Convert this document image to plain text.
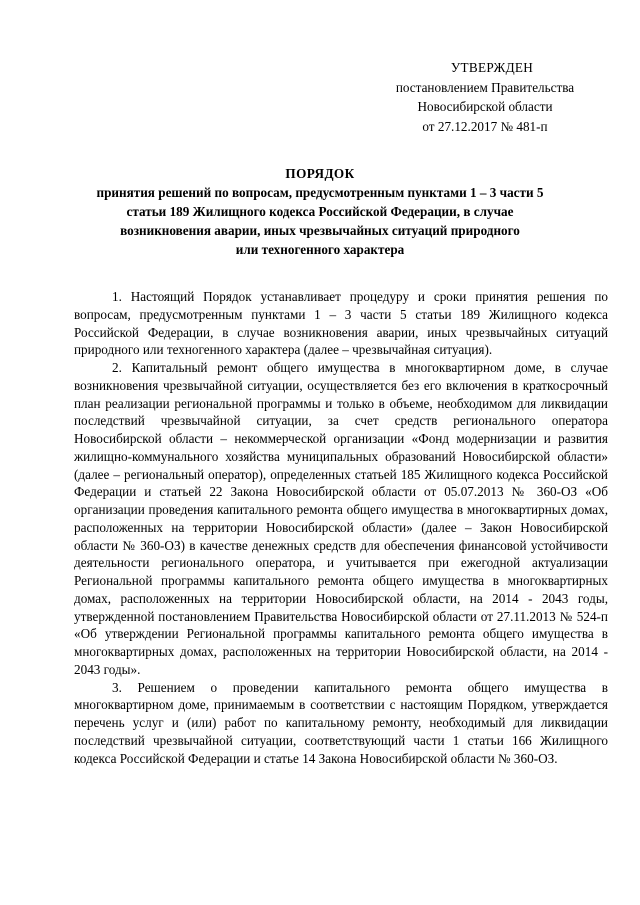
УТВЕРЖДЕН
постановлением Правительства
Новосибирской области
от 27.12.2017 № 481-п
ПОРЯДОК
принятия решений по вопросам, предусмотренным пунктами 1 – 3 части 5
статьи 189 Жилищного кодекса Российской Федерации, в случае
возникновения аварии, иных чрезвычайных ситуаций природного
или техногенного характера

1. Настоящий Порядок устанавливает процедуру и сроки принятия решения по вопросам, предусмотренным пунктами 1 – 3 части 5 статьи 189 Жилищного кодекса Российской Федерации, в случае возникновения аварии, иных чрезвычайных ситуаций природного или техногенного характера (далее – чрезвычайная ситуация).

2. Капитальный ремонт общего имущества в многоквартирном доме, в случае возникновения чрезвычайной ситуации, осуществляется без его включения в краткосрочный план реализации региональной программы и только в объеме, необходимом для ликвидации последствий чрезвычайной ситуации, за счет средств регионального оператора Новосибирской области – некоммерческой организации «Фонд модернизации и развития жилищно-коммунального хозяйства муниципальных образований Новосибирской области» (далее – региональный оператор), определенных статьей 185 Жилищного кодекса Российской Федерации и статьей 22 Закона Новосибирской области от 05.07.2013 № 360-ОЗ «Об организации проведения капитального ремонта общего имущества в многоквартирных домах, расположенных на территории Новосибирской области» (далее – Закон Новосибирской области № 360-ОЗ) в качестве денежных средств для обеспечения финансовой устойчивости деятельности регионального оператора, и учитывается при ежегодной актуализации Региональной программы капитального ремонта общего имущества в многоквартирных домах, расположенных на территории Новосибирской области, на 2014 - 2043 годы, утвержденной постановлением Правительства Новосибирской области от 27.11.2013 № 524-п «Об утверждении Региональной программы капитального ремонта общего имущества в многоквартирных домах, расположенных на территории Новосибирской области, на 2014 - 2043 годы».

3. Решением о проведении капитального ремонта общего имущества в многоквартирном доме, принимаемым в соответствии с настоящим Порядком, утверждается перечень услуг и (или) работ по капитальному ремонту, необходимый для ликвидации последствий чрезвычайной ситуации, соответствующий части 1 статьи 166 Жилищного кодекса Российской Федерации и статье 14 Закона Новосибирской области № 360-ОЗ.
